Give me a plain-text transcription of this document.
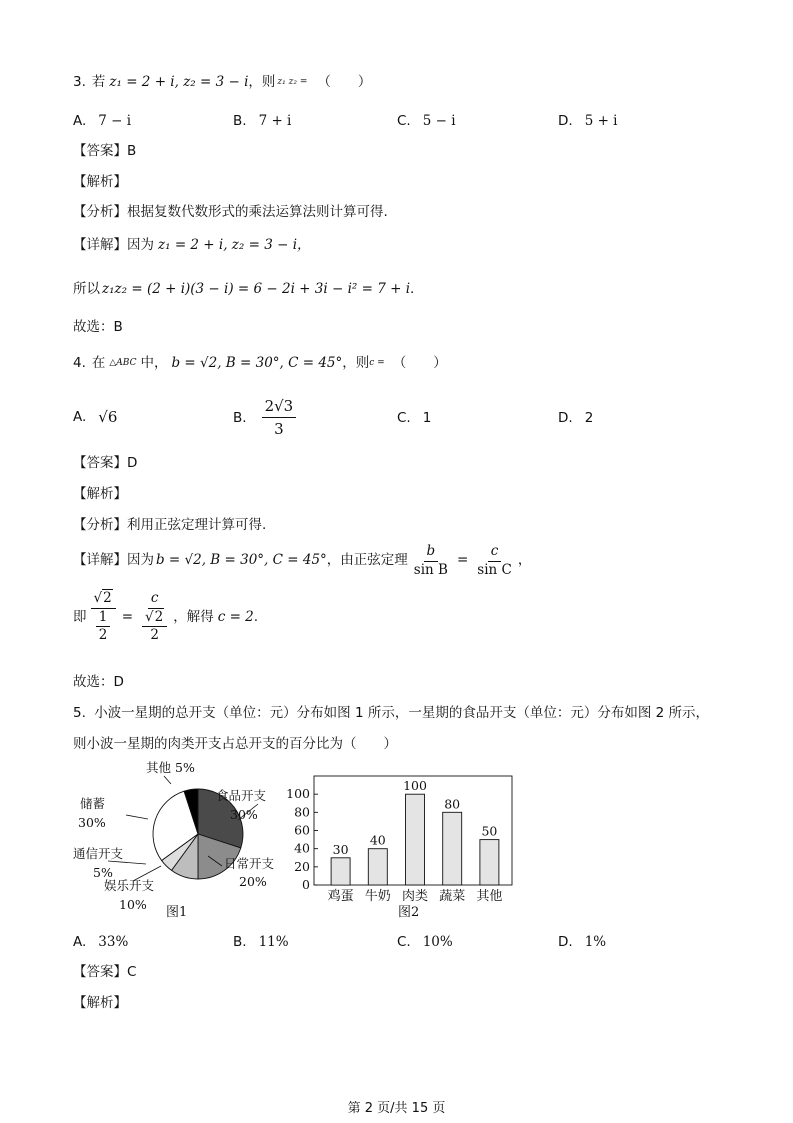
3. 若 z₁ = 2 + i, z₂ = 3 − i ，则 z₁ z₂ = （　　）
A. 7 − i	B. 7 + i	C. 5 − i	D. 5 + i
【答案】B
【解析】
【分析】根据复数代数形式的乘法运算法则计算可得.
【详解】 因为 z₁ = 2 + i, z₂ = 3 − i，
所以 z₁z₂ = (2 + i)(3 − i) = 6 − 2i + 3i − i² = 7 + i .
故选：B
4. 在 △ABC 中， b = √2, B = 30°, C = 45° ，则 c = （　　）
A. √6	B. $\frac{2√3}{3}$	C. 1	D. 2
【答案】D
【解析】
【分析】利用正弦定理计算可得.
【详解】 因为 b = √2, B = 30°, C = 45° ，由正弦定理 $\frac{b}{\text{sin B}} = \frac{c}{\text{sin C}}$ ，
即 $\frac{√2}{\frac{1}{2}} = \frac{c}{\frac{√2}{2}}$ ，解得 c = 2 .
故选：D
5. 小波一星期的总开支（单位：元）分布如图 1 所示，一星期的食品开支（单位：元）分布如图 2 所示，
则小波一星期的肉类开支占总开支的百分比为（　　）
其他 5%
食品开支
30%
储蓄
30%
日常开支
20%
通信开支
5%
娱乐开支
10%
图1
0
20
40
60
80
100
30
40
100
80
50
鸡蛋 牛奶 肉类 蔬菜 其他
图2
A. 33%	B. 11%	C. 10%	D. 1%
【答案】C
【解析】
第 2 页/共 15 页
